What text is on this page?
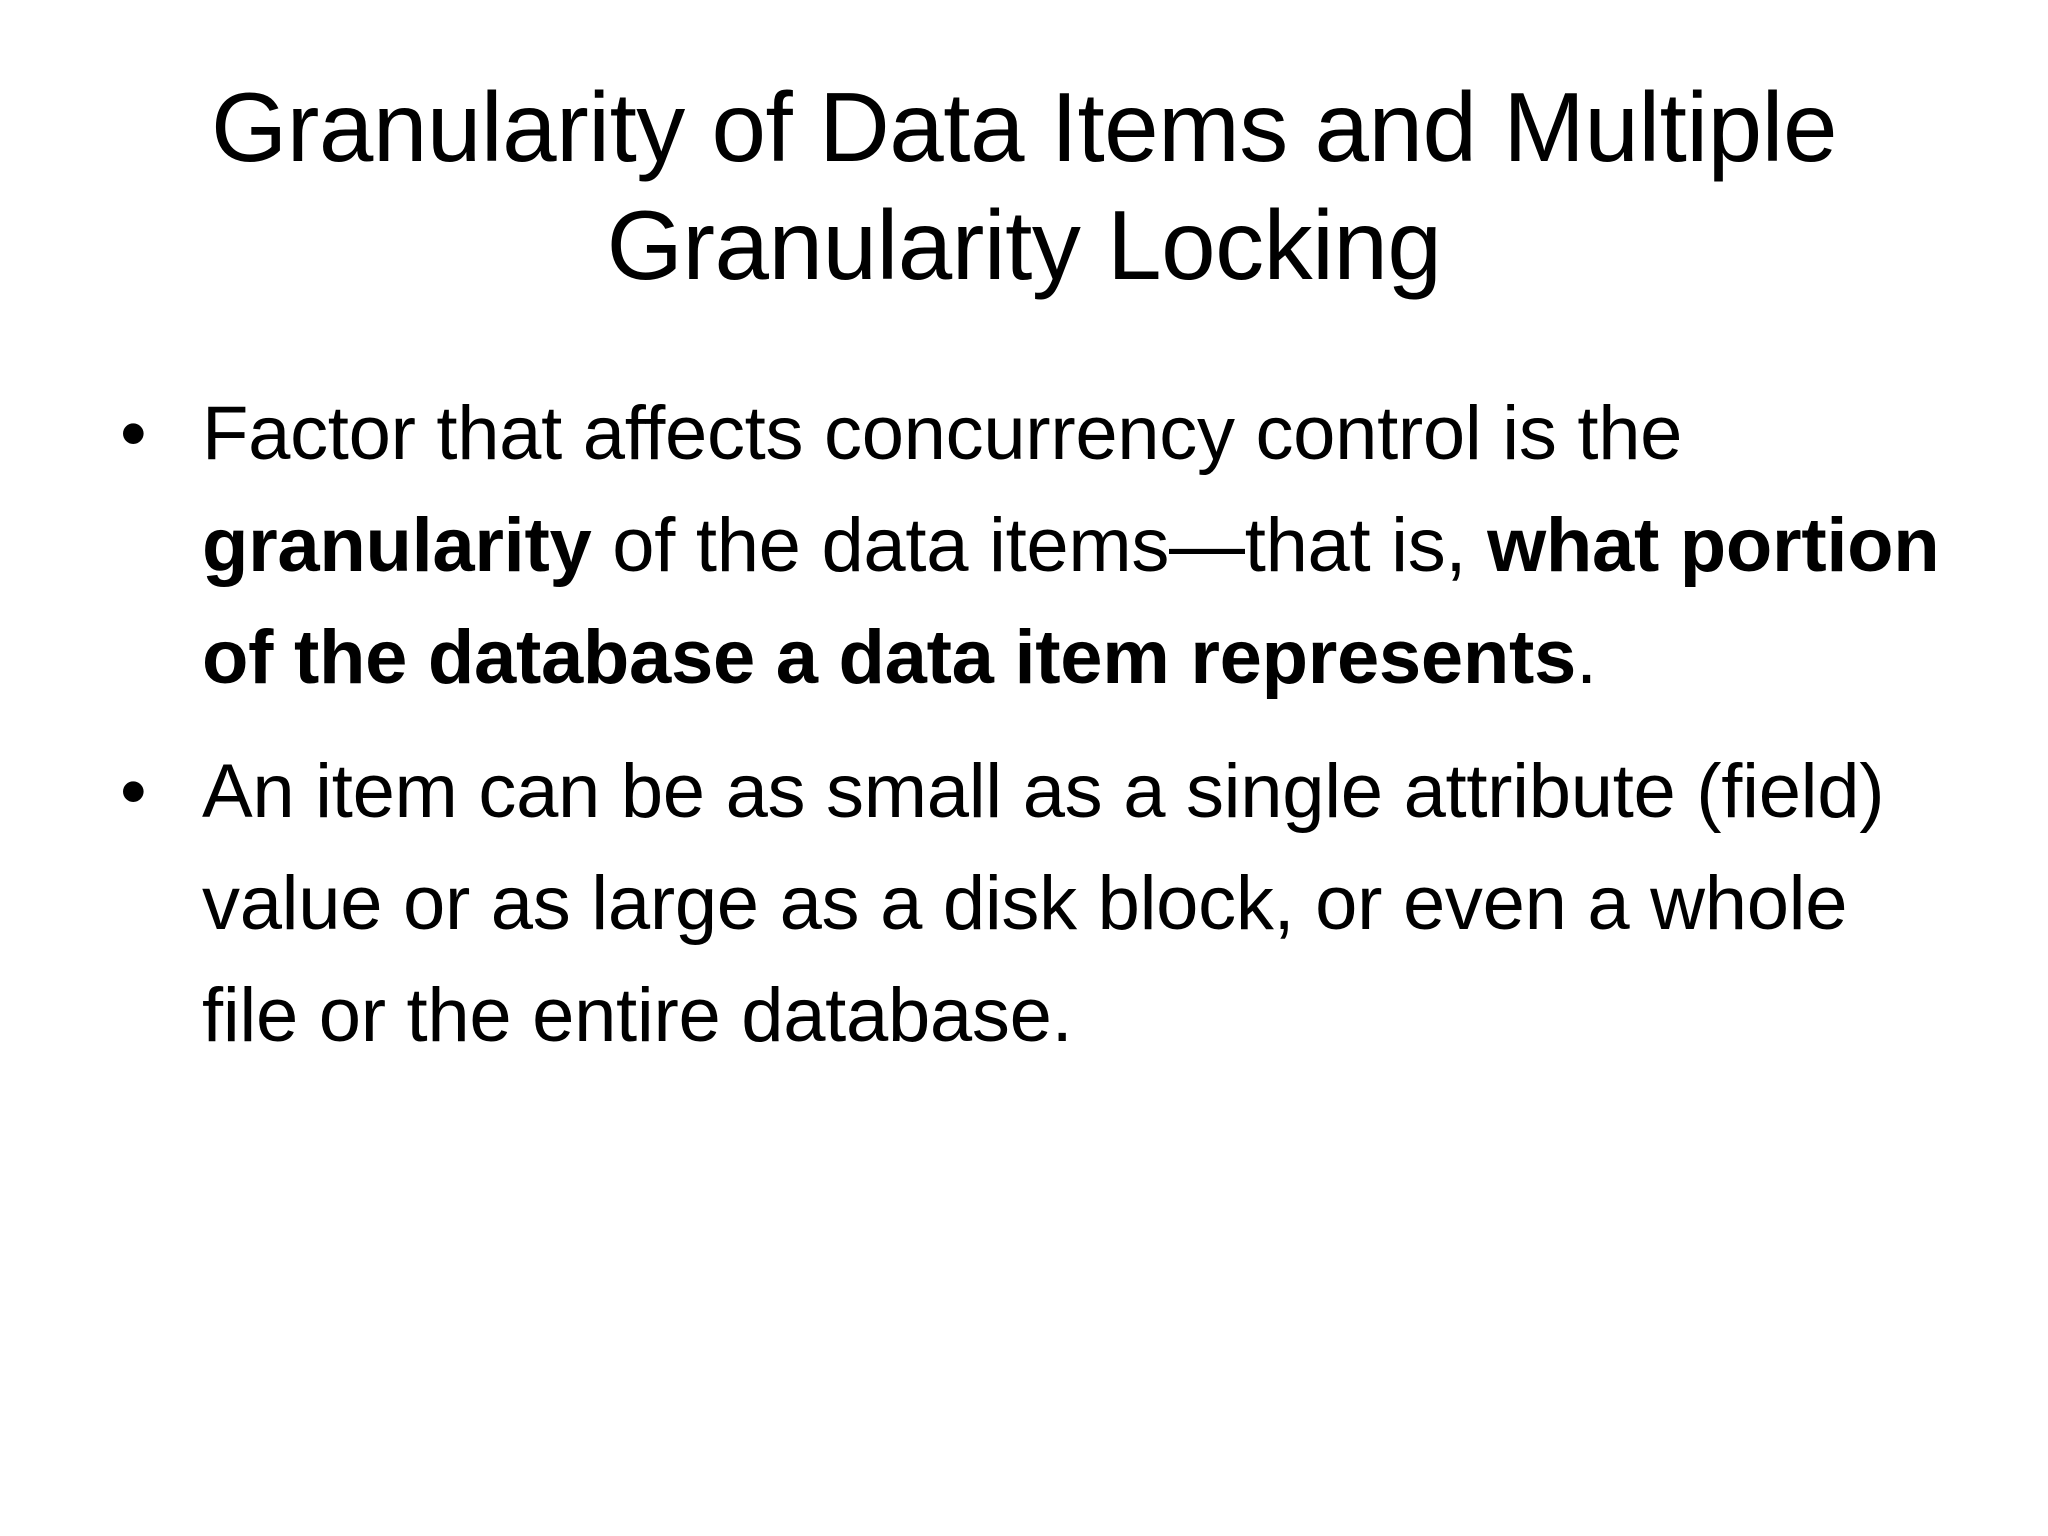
Granularity of Data Items and Multiple
Granularity Locking
• Factor that affects concurrency control is the granularity of the data items—that is, what portion of the database a data item represents.
• An item can be as small as a single attribute (field) value or as large as a disk block, or even a whole file or the entire database.
